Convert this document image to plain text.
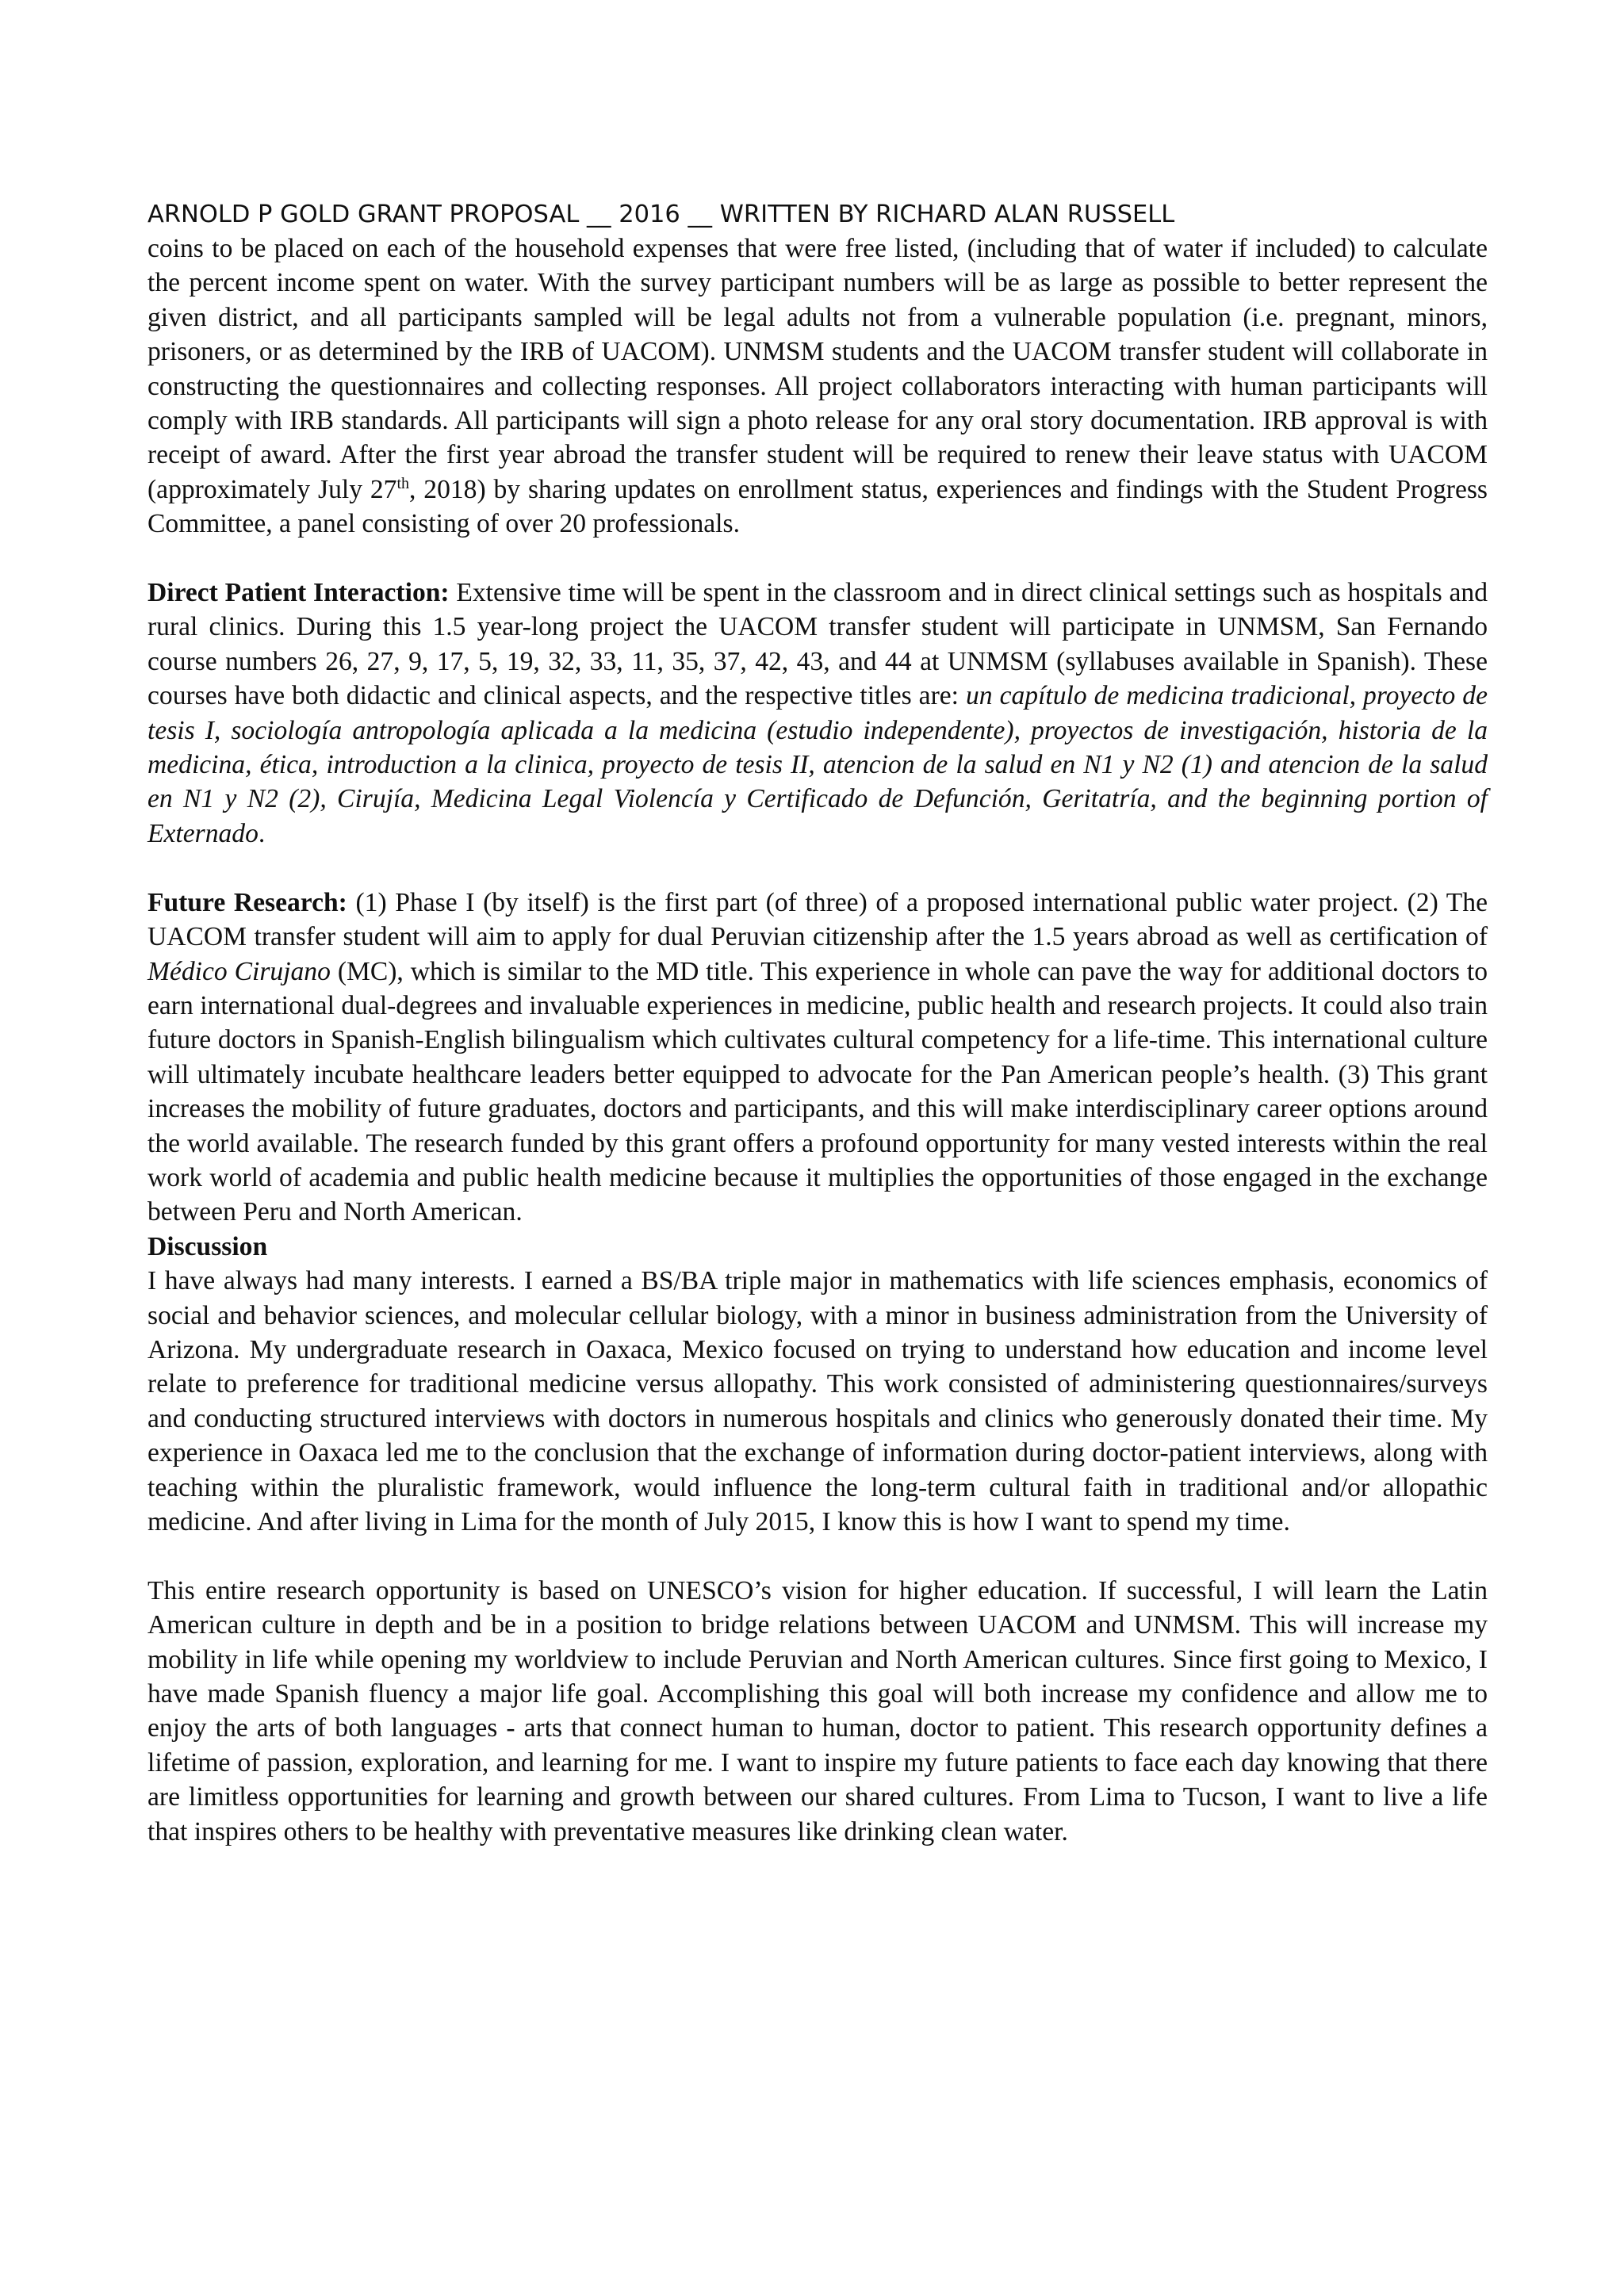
ARNOLD P GOLD GRANT PROPOSAL __ 2016 __ WRITTEN BY RICHARD ALAN RUSSELL

coins to be placed on each of the household expenses that were free listed, (including that of water if included) to calculate the percent income spent on water. With the survey participant numbers will be as large as possible to better represent the given district, and all participants sampled will be legal adults not from a vulnerable population (i.e. pregnant, minors, prisoners, or as determined by the IRB of UACOM). UNMSM students and the UACOM transfer student will collaborate in constructing the questionnaires and collecting responses. All project collaborators interacting with human participants will comply with IRB standards. All participants will sign a photo release for any oral story documentation. IRB approval is with receipt of award. After the first year abroad the transfer student will be required to renew their leave status with UACOM (approximately July 27th, 2018) by sharing updates on enrollment status, experiences and findings with the Student Progress Committee, a panel consisting of over 20 professionals.

Direct Patient Interaction: Extensive time will be spent in the classroom and in direct clinical settings such as hospitals and rural clinics. During this 1.5 year-long project the UACOM transfer student will participate in UNMSM, San Fernando course numbers 26, 27, 9, 17, 5, 19, 32, 33, 11, 35, 37, 42, 43, and 44 at UNMSM (syllabuses available in Spanish). These courses have both didactic and clinical aspects, and the respective titles are: un capítulo de medicina tradicional, proyecto de tesis I, sociología antropología aplicada a la medicina (estudio independente), proyectos de investigación, historia de la medicina, ética, introduction a la clinica, proyecto de tesis II, atencion de la salud en N1 y N2 (1) and atencion de la salud en N1 y N2 (2), Cirujía, Medicina Legal Violencía y Certificado de Defunción, Geritatría, and the beginning portion of Externado.

Future Research: (1) Phase I (by itself) is the first part (of three) of a proposed international public water project. (2) The UACOM transfer student will aim to apply for dual Peruvian citizenship after the 1.5 years abroad as well as certification of Médico Cirujano (MC), which is similar to the MD title. This experience in whole can pave the way for additional doctors to earn international dual-degrees and invaluable experiences in medicine, public health and research projects. It could also train future doctors in Spanish-English bilingualism which cultivates cultural competency for a life-time. This international culture will ultimately incubate healthcare leaders better equipped to advocate for the Pan American people’s health. (3) This grant increases the mobility of future graduates, doctors and participants, and this will make interdisciplinary career options around the world available. The research funded by this grant offers a profound opportunity for many vested interests within the real work world of academia and public health medicine because it multiplies the opportunities of those engaged in the exchange between Peru and North American.

Discussion

I have always had many interests. I earned a BS/BA triple major in mathematics with life sciences emphasis, economics of social and behavior sciences, and molecular cellular biology, with a minor in business administration from the University of Arizona. My undergraduate research in Oaxaca, Mexico focused on trying to understand how education and income level relate to preference for traditional medicine versus allopathy. This work consisted of administering questionnaires/surveys and conducting structured interviews with doctors in numerous hospitals and clinics who generously donated their time. My experience in Oaxaca led me to the conclusion that the exchange of information during doctor-patient interviews, along with teaching within the pluralistic framework, would influence the long-term cultural faith in traditional and/or allopathic medicine. And after living in Lima for the month of July 2015, I know this is how I want to spend my time.

This entire research opportunity is based on UNESCO’s vision for higher education. If successful, I will learn the Latin American culture in depth and be in a position to bridge relations between UACOM and UNMSM. This will increase my mobility in life while opening my worldview to include Peruvian and North American cultures. Since first going to Mexico, I have made Spanish fluency a major life goal. Accomplishing this goal will both increase my confidence and allow me to enjoy the arts of both languages - arts that connect human to human, doctor to patient. This research opportunity defines a lifetime of passion, exploration, and learning for me. I want to inspire my future patients to face each day knowing that there are limitless opportunities for learning and growth between our shared cultures. From Lima to Tucson, I want to live a life that inspires others to be healthy with preventative measures like drinking clean water.
